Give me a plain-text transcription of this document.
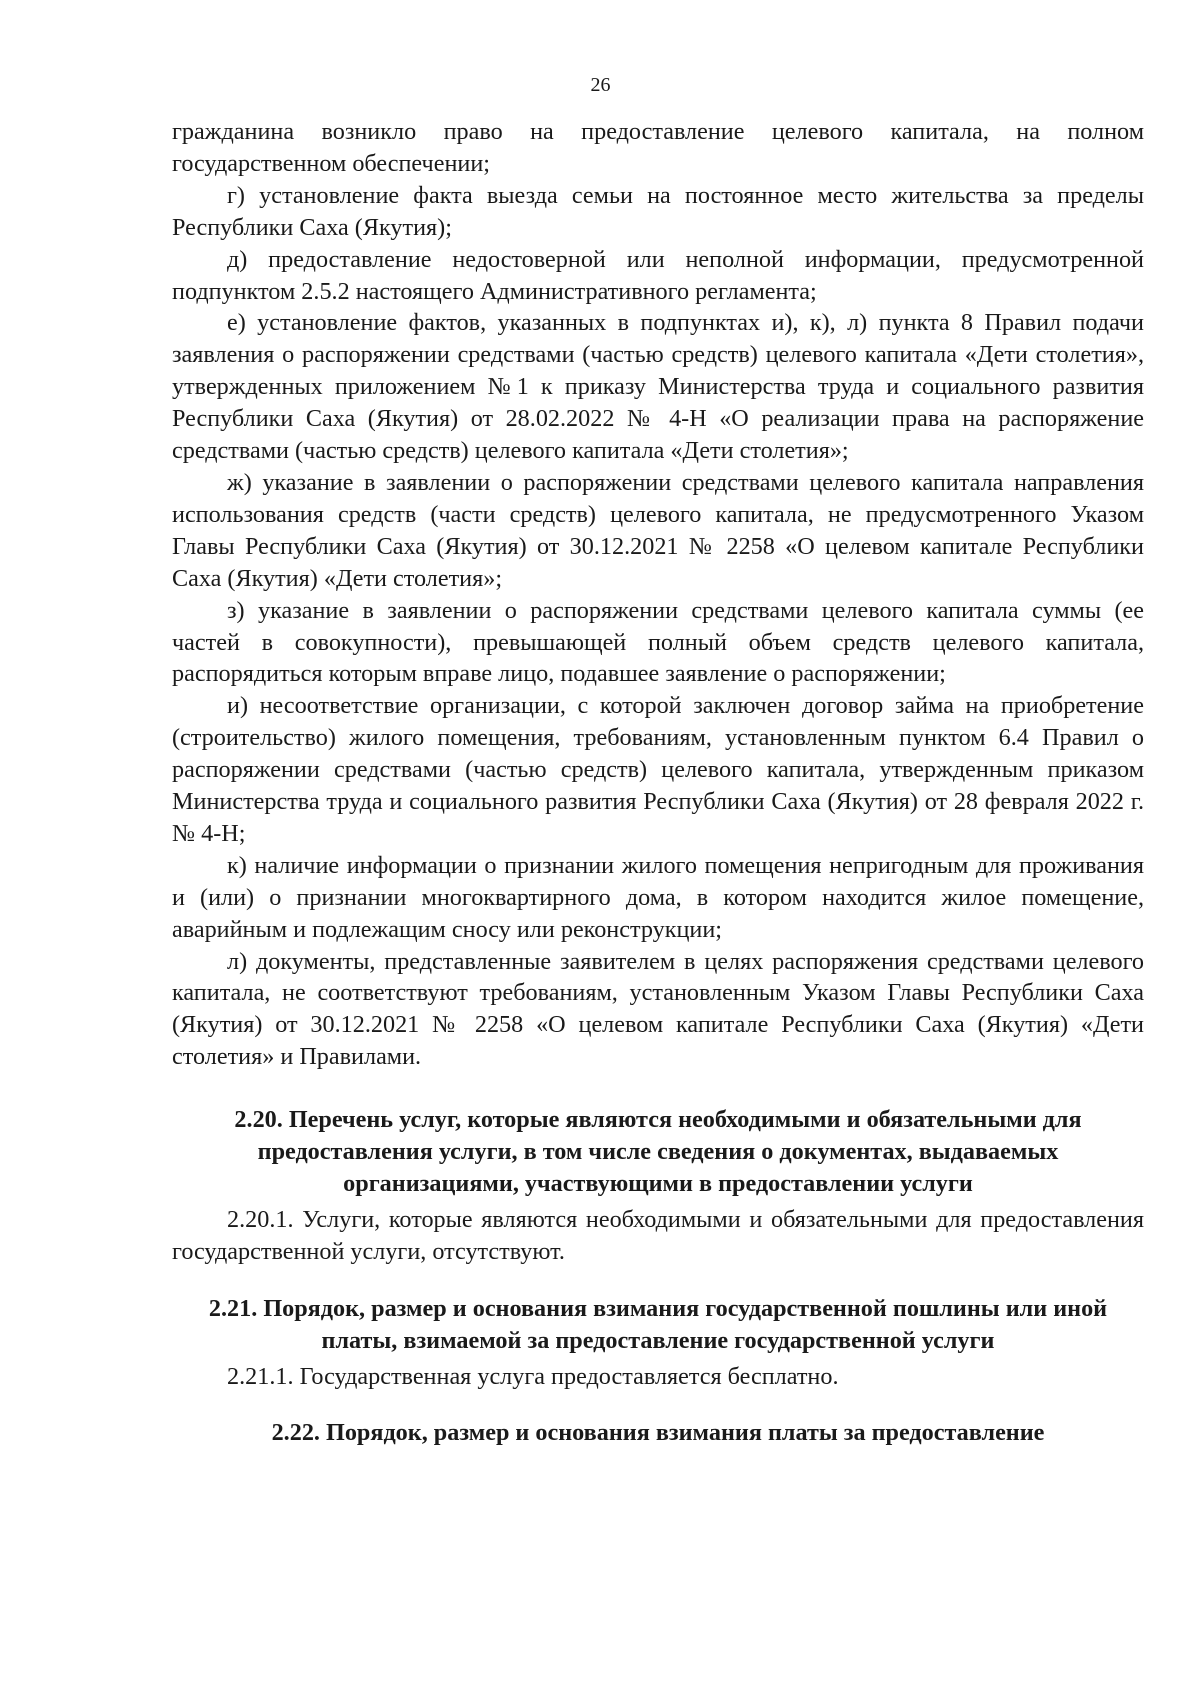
26

гражданина возникло право на предоставление целевого капитала, на полном государственном обеспечении;

г) установление факта выезда семьи на постоянное место жительства за пределы Республики Саха (Якутия);

д) предоставление недостоверной или неполной информации, предусмотренной подпунктом 2.5.2 настоящего Административного регламента;

е) установление фактов, указанных в подпунктах и), к), л) пункта 8 Правил подачи заявления о распоряжении средствами (частью средств) целевого капитала «Дети столетия», утвержденных приложением №1 к приказу Министерства труда и социального развития Республики Саха (Якутия) от 28.02.2022 № 4-Н «О реализации права на распоряжение средствами (частью средств) целевого капитала «Дети столетия»;

ж) указание в заявлении о распоряжении средствами целевого капитала направления использования средств (части средств) целевого капитала, не предусмотренного Указом Главы Республики Саха (Якутия) от 30.12.2021 № 2258 «О целевом капитале Республики Саха (Якутия) «Дети столетия»;

з) указание в заявлении о распоряжении средствами целевого капитала суммы (ее частей в совокупности), превышающей полный объем средств целевого капитала, распорядиться которым вправе лицо, подавшее заявление о распоряжении;

и) несоответствие организации, с которой заключен договор займа на приобретение (строительство) жилого помещения, требованиям, установленным пунктом 6.4 Правил о распоряжении средствами (частью средств) целевого капитала, утвержденным приказом Министерства труда и социального развития Республики Саха (Якутия) от 28 февраля 2022 г. № 4-Н;

к) наличие информации о признании жилого помещения непригодным для проживания и (или) о признании многоквартирного дома, в котором находится жилое помещение, аварийным и подлежащим сносу или реконструкции;

л) документы, представленные заявителем в целях распоряжения средствами целевого капитала, не соответствуют требованиям, установленным Указом Главы Республики Саха (Якутия) от 30.12.2021 № 2258 «О целевом капитале Республики Саха (Якутия) «Дети столетия» и Правилами.

2.20. Перечень услуг, которые являются необходимыми и обязательными для предоставления услуги, в том числе сведения о документах, выдаваемых организациями, участвующими в предоставлении услуги

2.20.1. Услуги, которые являются необходимыми и обязательными для предоставления государственной услуги, отсутствуют.

2.21. Порядок, размер и основания взимания государственной пошлины или иной платы, взимаемой за предоставление государственной услуги

2.21.1. Государственная услуга предоставляется бесплатно.

2.22. Порядок, размер и основания взимания платы за предоставление
